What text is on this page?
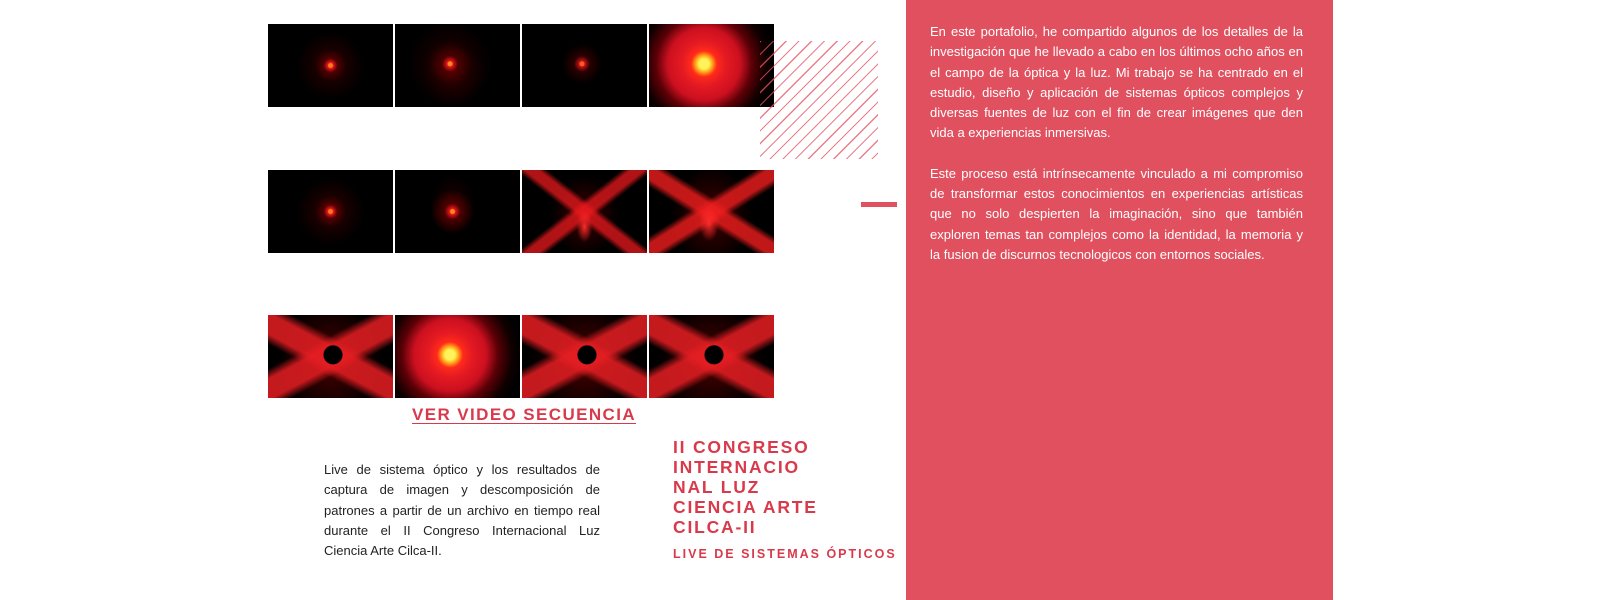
En este portafolio, he compartido algunos de los detalles de la investigación que he llevado a cabo en los últimos ocho años en el campo de la óptica y la luz. Mi trabajo se ha centrado en el estudio, diseño y aplicación de sistemas ópticos complejos y diversas fuentes de luz con el fin de crear imágenes que den vida a experiencias inmersivas.

Este proceso está intrínsecamente vinculado a mi compromiso de transformar estos conocimientos en experiencias artísticas que no solo despierten la imaginación, sino que también exploren temas tan complejos como la identidad, la memoria y la fusion de discurnos tecnologicos con entornos sociales.

VER VIDEO SECUENCIA

Live de sistema óptico y los resultados de captura de imagen y descomposición de patrones a partir de un archivo en tiempo real durante el II Congreso Internacional Luz Ciencia Arte Cilca-II.

II CONGRESO
INTERNACIO
NAL LUZ
CIENCIA ARTE
CILCA-II
LIVE DE SISTEMAS ÓPTICOS
